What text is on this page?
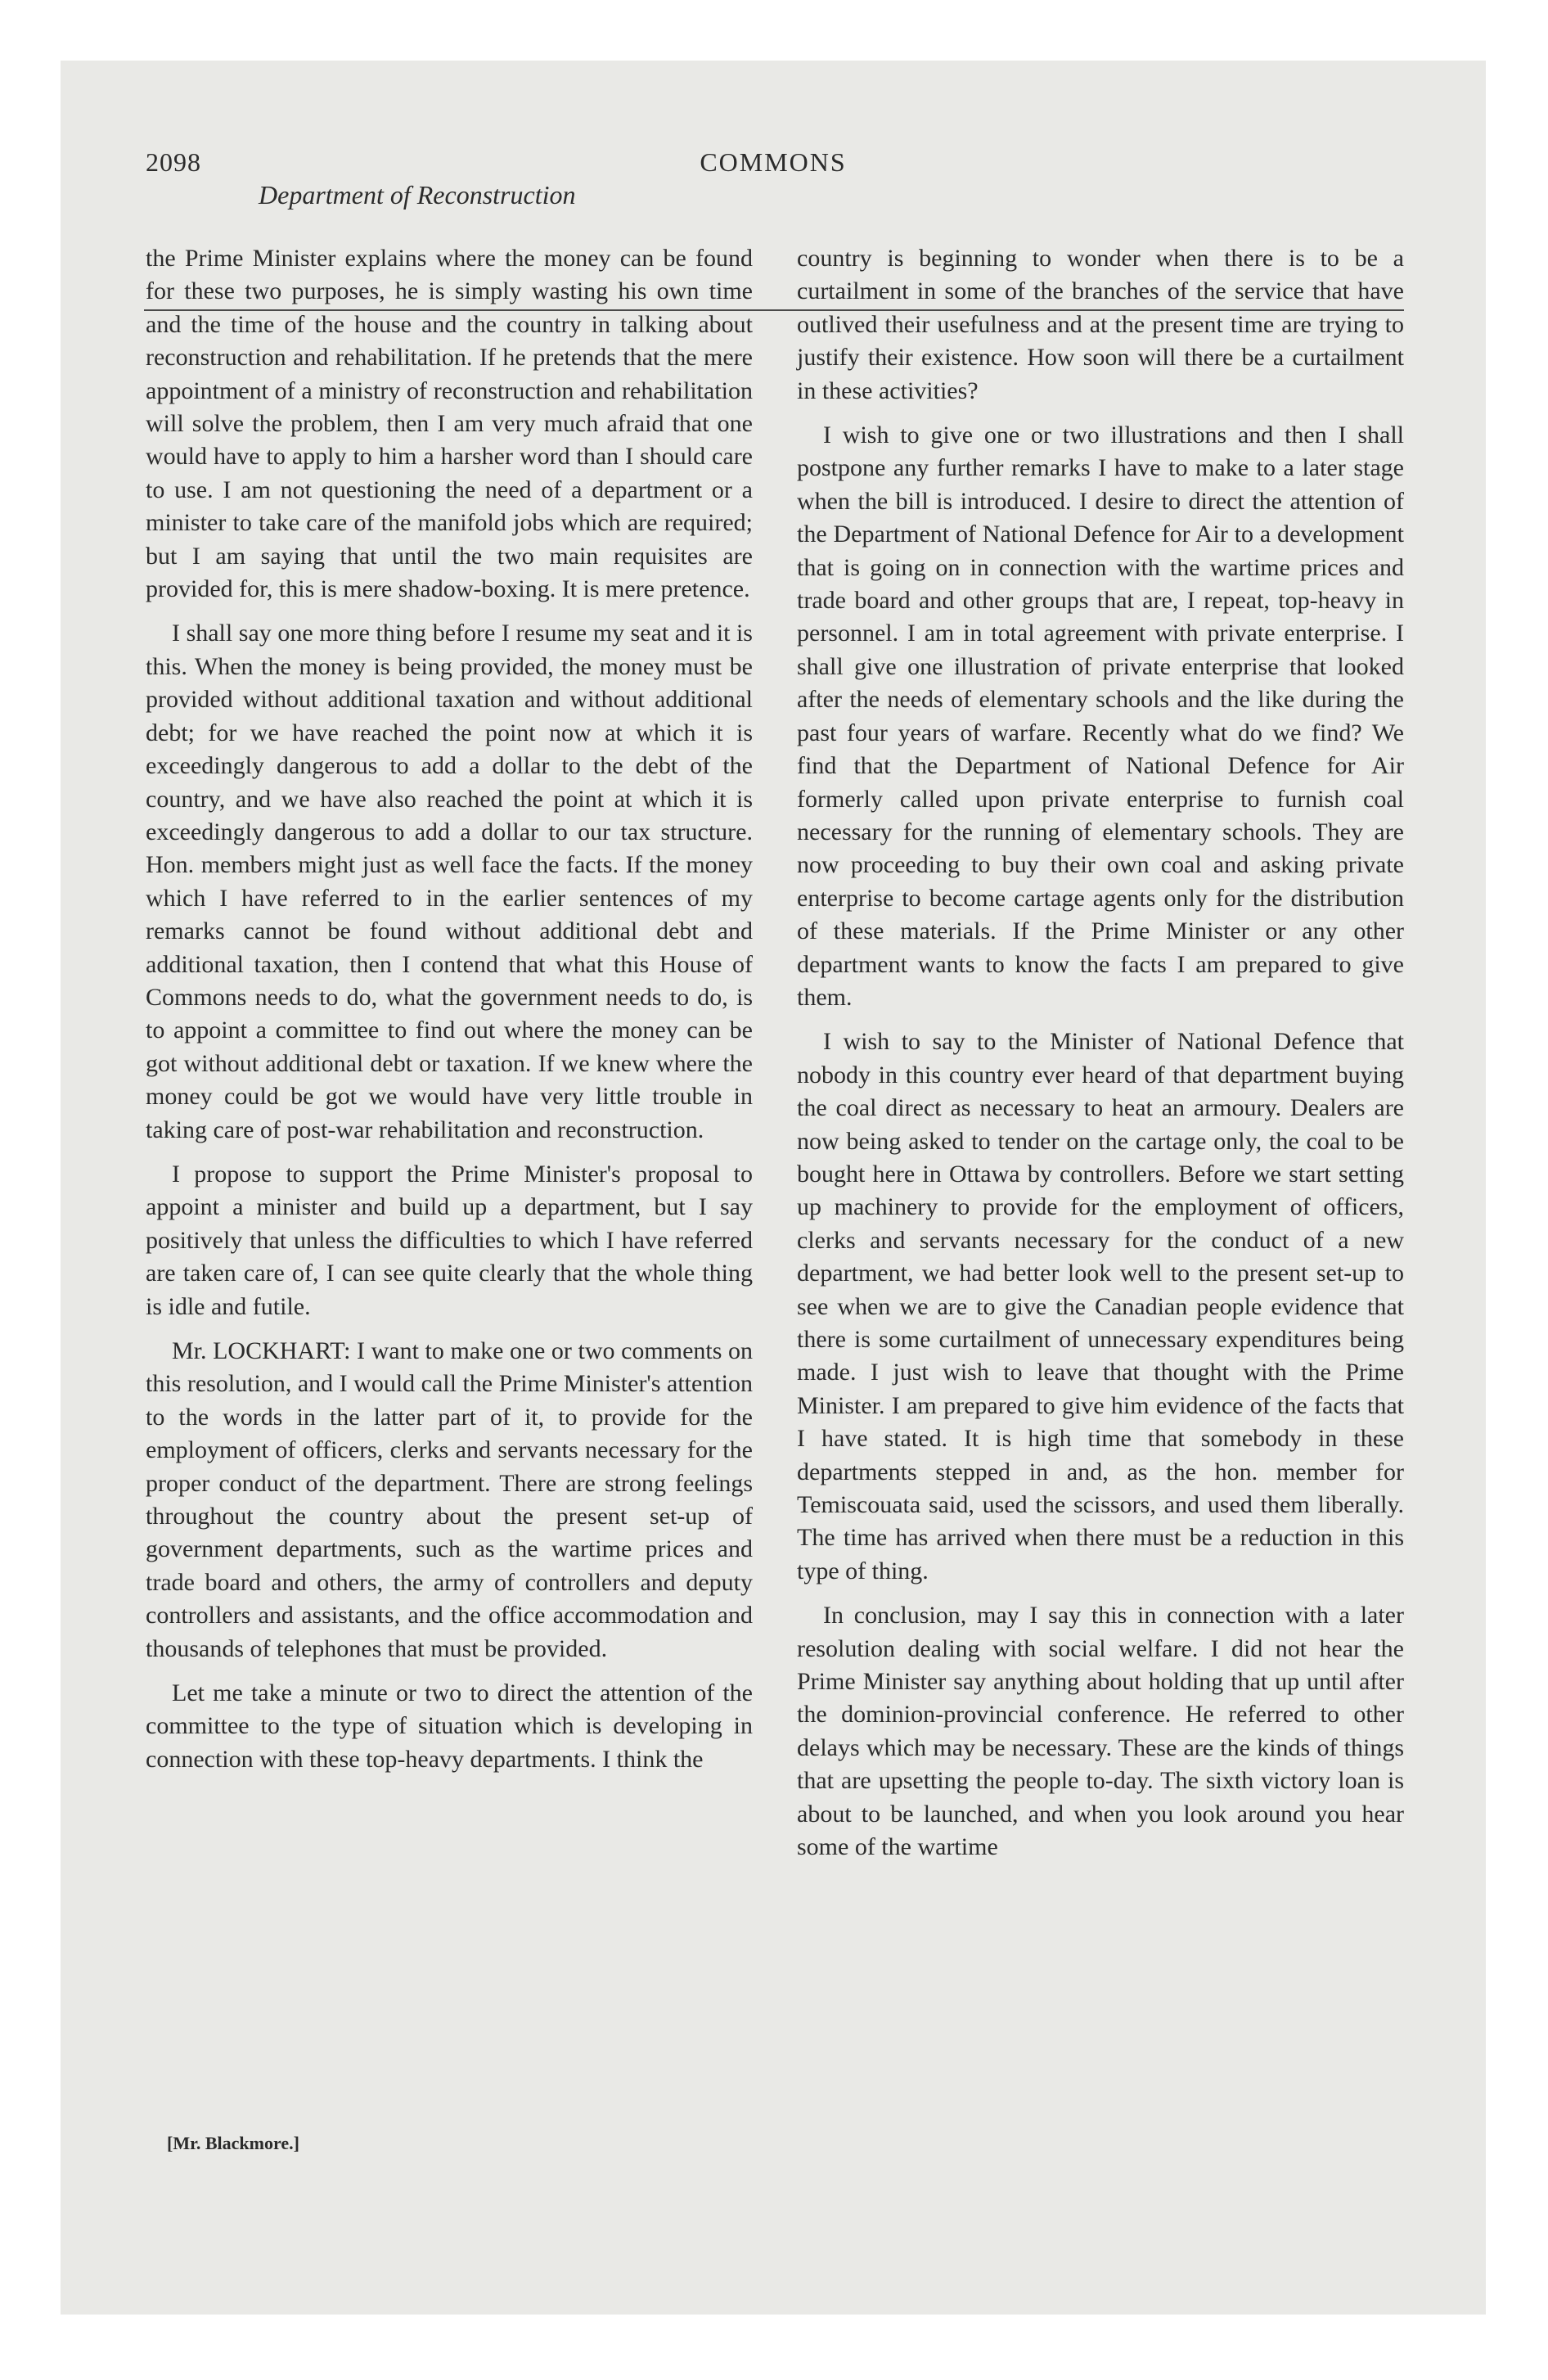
2098	COMMONS
Department of Reconstruction

the Prime Minister explains where the money can be found for these two purposes, he is simply wasting his own time and the time of the house and the country in talking about reconstruction and rehabilitation. If he pretends that the mere appointment of a ministry of reconstruction and rehabilitation will solve the problem, then I am very much afraid that one would have to apply to him a harsher word than I should care to use. I am not questioning the need of a department or a minister to take care of the manifold jobs which are required; but I am saying that until the two main requisites are provided for, this is mere shadow-boxing. It is mere pretence.

I shall say one more thing before I resume my seat and it is this. When the money is being provided, the money must be provided without additional taxation and without additional debt; for we have reached the point now at which it is exceedingly dangerous to add a dollar to the debt of the country, and we have also reached the point at which it is exceedingly dangerous to add a dollar to our tax structure. Hon. members might just as well face the facts. If the money which I have referred to in the earlier sentences of my remarks cannot be found without additional debt and additional taxation, then I contend that what this House of Commons needs to do, what the government needs to do, is to appoint a committee to find out where the money can be got without additional debt or taxation. If we knew where the money could be got we would have very little trouble in taking care of post-war rehabilitation and reconstruction.

I propose to support the Prime Minister's proposal to appoint a minister and build up a department, but I say positively that unless the difficulties to which I have referred are taken care of, I can see quite clearly that the whole thing is idle and futile.

Mr. LOCKHART: I want to make one or two comments on this resolution, and I would call the Prime Minister's attention to the words in the latter part of it, to provide for the employment of officers, clerks and servants necessary for the proper conduct of the department. There are strong feelings throughout the country about the present set-up of government departments, such as the wartime prices and trade board and others, the army of controllers and deputy controllers and assistants, and the office accommodation and thousands of telephones that must be provided.

Let me take a minute or two to direct the attention of the committee to the type of situation which is developing in connection with these top-heavy departments. I think the

[Mr. Blackmore.]

country is beginning to wonder when there is to be a curtailment in some of the branches of the service that have outlived their usefulness and at the present time are trying to justify their existence. How soon will there be a curtailment in these activities?

I wish to give one or two illustrations and then I shall postpone any further remarks I have to make to a later stage when the bill is introduced. I desire to direct the attention of the Department of National Defence for Air to a development that is going on in connection with the wartime prices and trade board and other groups that are, I repeat, top-heavy in personnel. I am in total agreement with private enterprise. I shall give one illustration of private enterprise that looked after the needs of elementary schools and the like during the past four years of warfare. Recently what do we find? We find that the Department of National Defence for Air formerly called upon private enterprise to furnish coal necessary for the running of elementary schools. They are now proceeding to buy their own coal and asking private enterprise to become cartage agents only for the distribution of these materials. If the Prime Minister or any other department wants to know the facts I am prepared to give them.

I wish to say to the Minister of National Defence that nobody in this country ever heard of that department buying the coal direct as necessary to heat an armoury. Dealers are now being asked to tender on the cartage only, the coal to be bought here in Ottawa by controllers. Before we start setting up machinery to provide for the employment of officers, clerks and servants necessary for the conduct of a new department, we had better look well to the present set-up to see when we are to give the Canadian people evidence that there is some curtailment of unnecessary expenditures being made. I just wish to leave that thought with the Prime Minister. I am prepared to give him evidence of the facts that I have stated. It is high time that somebody in these departments stepped in and, as the hon. member for Temiscouata said, used the scissors, and used them liberally. The time has arrived when there must be a reduction in this type of thing.

In conclusion, may I say this in connection with a later resolution dealing with social welfare. I did not hear the Prime Minister say anything about holding that up until after the dominion-provincial conference. He referred to other delays which may be necessary. These are the kinds of things that are upsetting the people to-day. The sixth victory loan is about to be launched, and when you look around you hear some of the wartime
